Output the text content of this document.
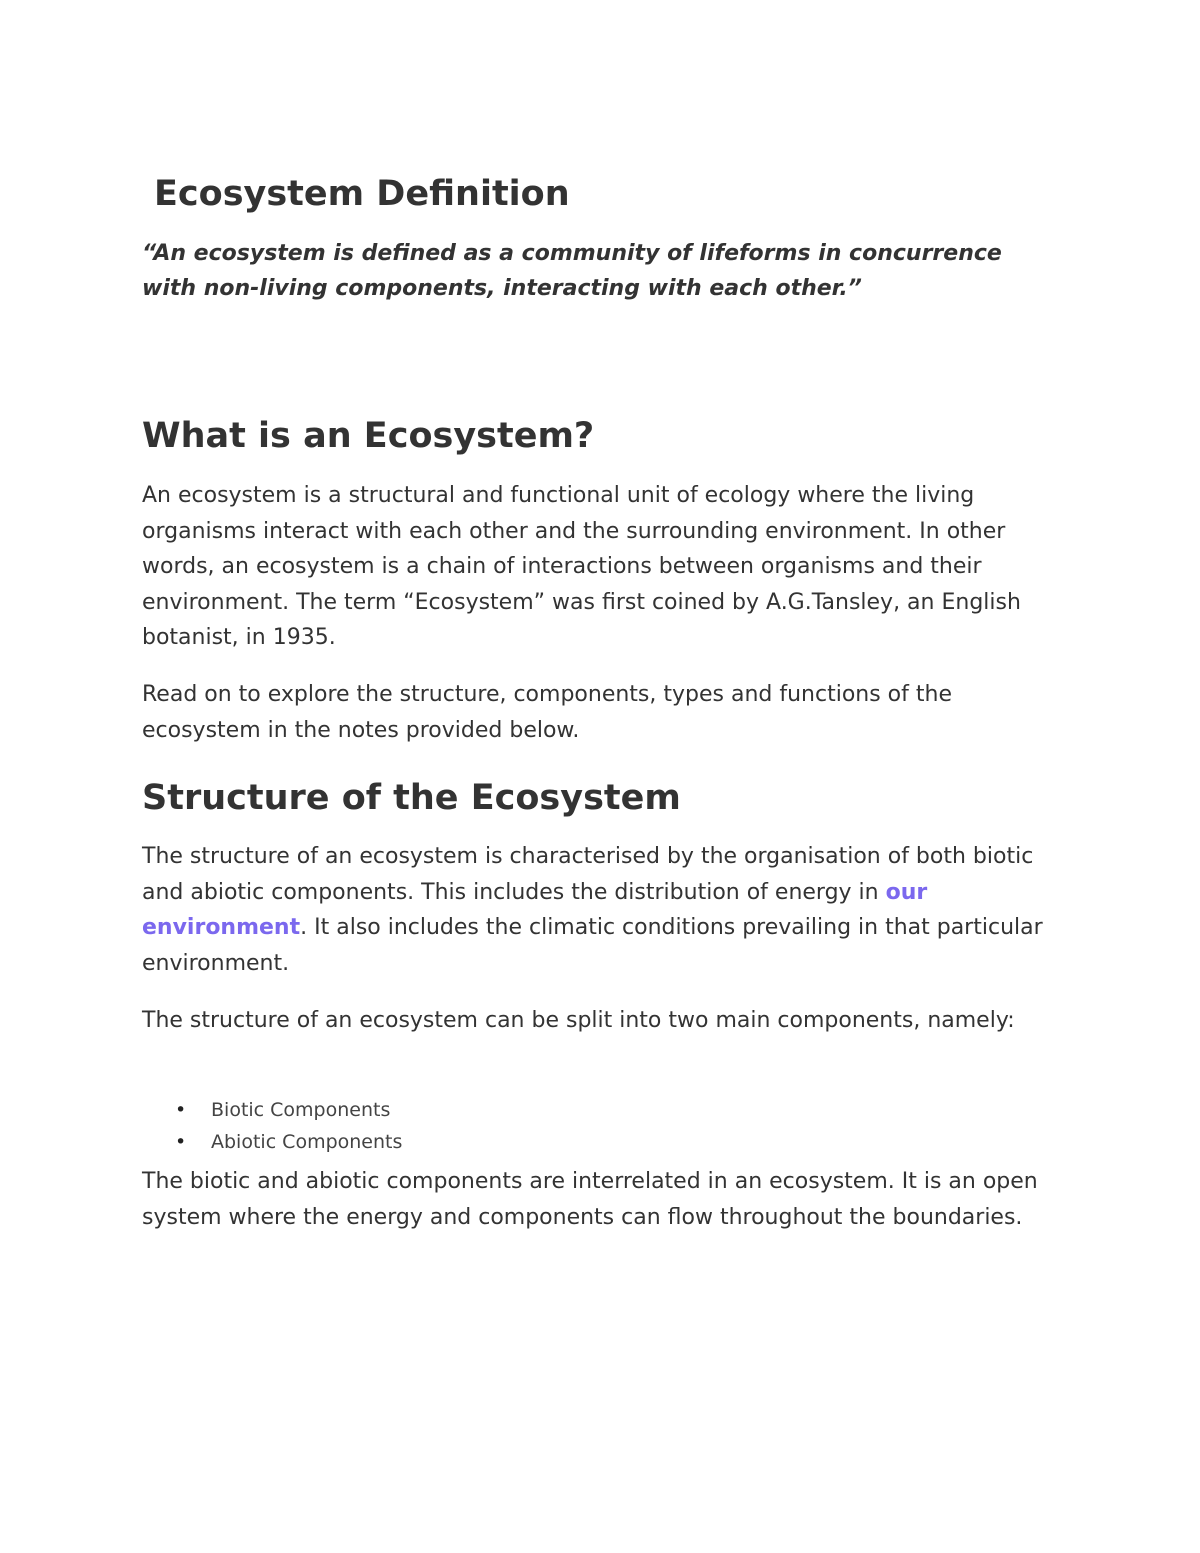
Ecosystem Definition

“An ecosystem is defined as a community of lifeforms in concurrence with non-living components, interacting with each other.”

What is an Ecosystem?

An ecosystem is a structural and functional unit of ecology where the living organisms interact with each other and the surrounding environment. In other words, an ecosystem is a chain of interactions between organisms and their environment. The term “Ecosystem” was first coined by A.G.Tansley, an English botanist, in 1935.

Read on to explore the structure, components, types and functions of the ecosystem in the notes provided below.

Structure of the Ecosystem

The structure of an ecosystem is characterised by the organisation of both biotic and abiotic components. This includes the distribution of energy in our environment. It also includes the climatic conditions prevailing in that particular environment.

The structure of an ecosystem can be split into two main components, namely:

• Biotic Components
• Abiotic Components

The biotic and abiotic components are interrelated in an ecosystem. It is an open system where the energy and components can flow throughout the boundaries.
